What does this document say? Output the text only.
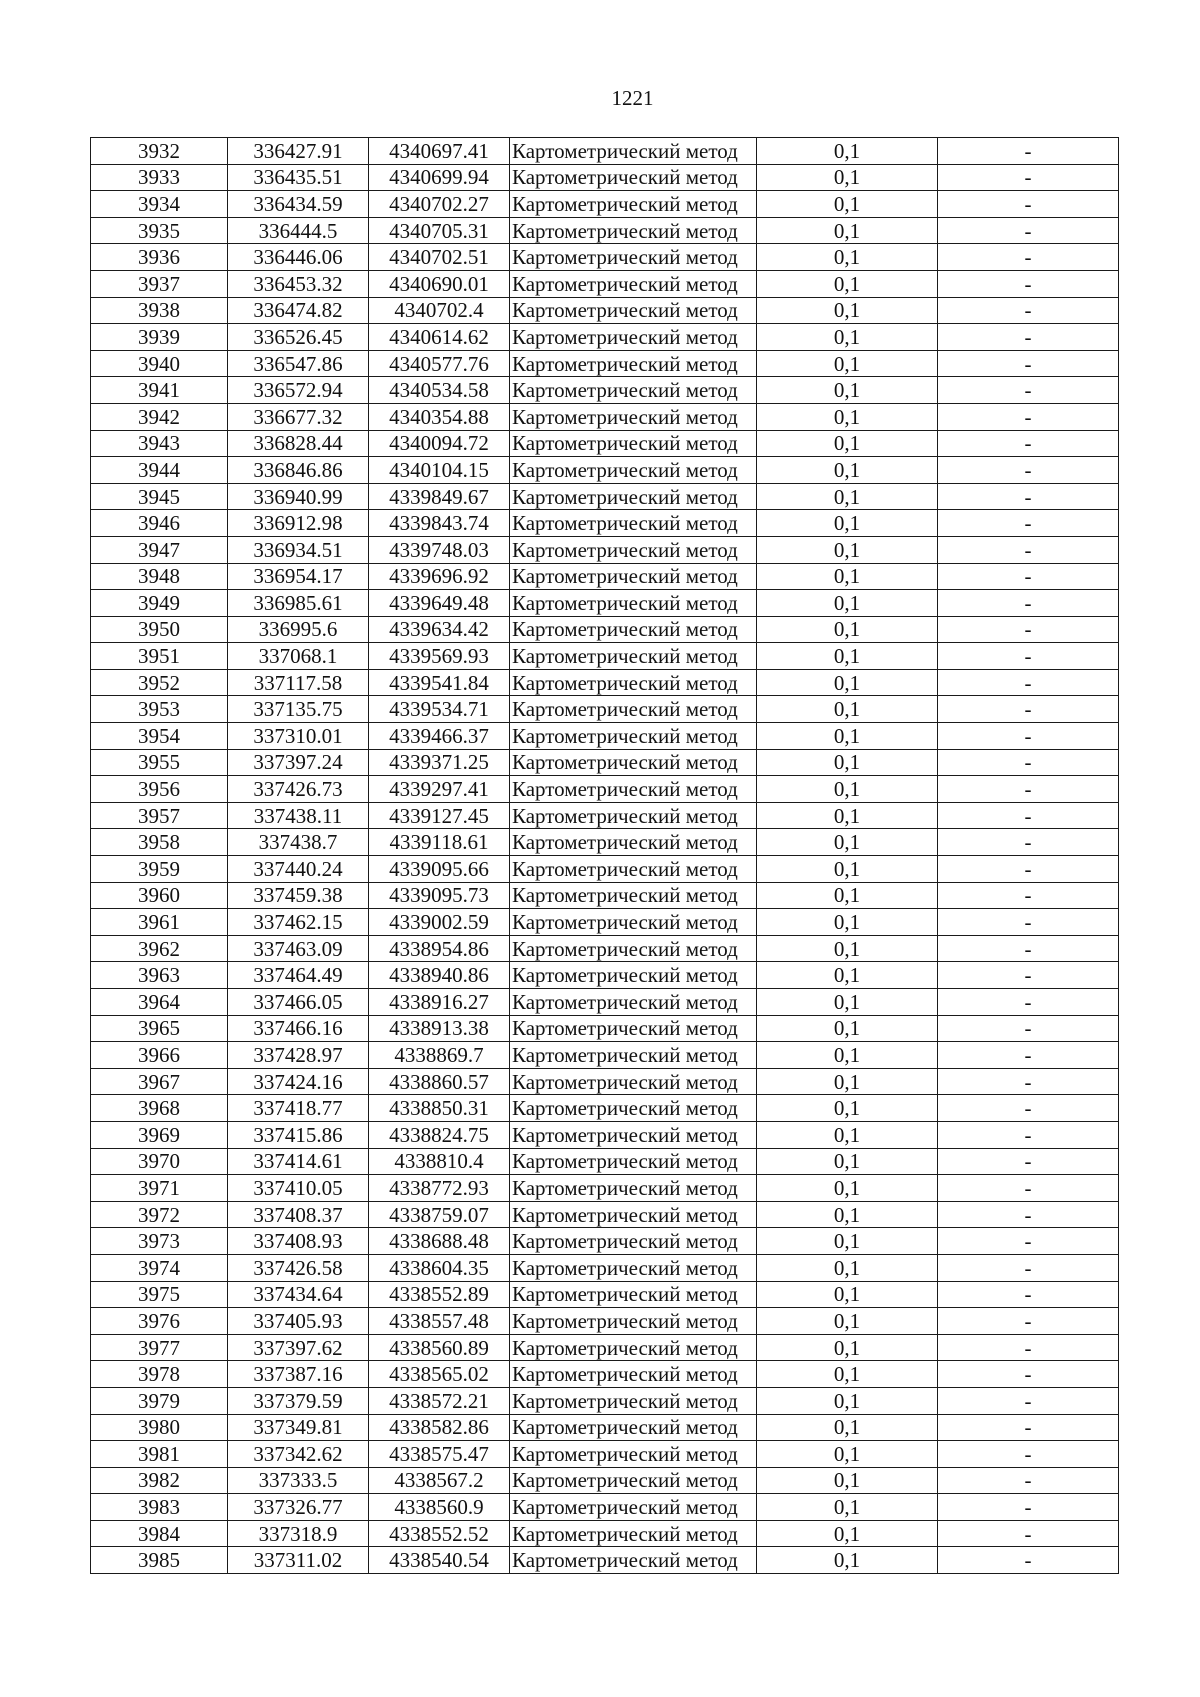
1221
3932	336427.91	4340697.41	Картометрический метод	0,1	-
3933	336435.51	4340699.94	Картометрический метод	0,1	-
3934	336434.59	4340702.27	Картометрический метод	0,1	-
3935	336444.5	4340705.31	Картометрический метод	0,1	-
3936	336446.06	4340702.51	Картометрический метод	0,1	-
3937	336453.32	4340690.01	Картометрический метод	0,1	-
3938	336474.82	4340702.4	Картометрический метод	0,1	-
3939	336526.45	4340614.62	Картометрический метод	0,1	-
3940	336547.86	4340577.76	Картометрический метод	0,1	-
3941	336572.94	4340534.58	Картометрический метод	0,1	-
3942	336677.32	4340354.88	Картометрический метод	0,1	-
3943	336828.44	4340094.72	Картометрический метод	0,1	-
3944	336846.86	4340104.15	Картометрический метод	0,1	-
3945	336940.99	4339849.67	Картометрический метод	0,1	-
3946	336912.98	4339843.74	Картометрический метод	0,1	-
3947	336934.51	4339748.03	Картометрический метод	0,1	-
3948	336954.17	4339696.92	Картометрический метод	0,1	-
3949	336985.61	4339649.48	Картометрический метод	0,1	-
3950	336995.6	4339634.42	Картометрический метод	0,1	-
3951	337068.1	4339569.93	Картометрический метод	0,1	-
3952	337117.58	4339541.84	Картометрический метод	0,1	-
3953	337135.75	4339534.71	Картометрический метод	0,1	-
3954	337310.01	4339466.37	Картометрический метод	0,1	-
3955	337397.24	4339371.25	Картометрический метод	0,1	-
3956	337426.73	4339297.41	Картометрический метод	0,1	-
3957	337438.11	4339127.45	Картометрический метод	0,1	-
3958	337438.7	4339118.61	Картометрический метод	0,1	-
3959	337440.24	4339095.66	Картометрический метод	0,1	-
3960	337459.38	4339095.73	Картометрический метод	0,1	-
3961	337462.15	4339002.59	Картометрический метод	0,1	-
3962	337463.09	4338954.86	Картометрический метод	0,1	-
3963	337464.49	4338940.86	Картометрический метод	0,1	-
3964	337466.05	4338916.27	Картометрический метод	0,1	-
3965	337466.16	4338913.38	Картометрический метод	0,1	-
3966	337428.97	4338869.7	Картометрический метод	0,1	-
3967	337424.16	4338860.57	Картометрический метод	0,1	-
3968	337418.77	4338850.31	Картометрический метод	0,1	-
3969	337415.86	4338824.75	Картометрический метод	0,1	-
3970	337414.61	4338810.4	Картометрический метод	0,1	-
3971	337410.05	4338772.93	Картометрический метод	0,1	-
3972	337408.37	4338759.07	Картометрический метод	0,1	-
3973	337408.93	4338688.48	Картометрический метод	0,1	-
3974	337426.58	4338604.35	Картометрический метод	0,1	-
3975	337434.64	4338552.89	Картометрический метод	0,1	-
3976	337405.93	4338557.48	Картометрический метод	0,1	-
3977	337397.62	4338560.89	Картометрический метод	0,1	-
3978	337387.16	4338565.02	Картометрический метод	0,1	-
3979	337379.59	4338572.21	Картометрический метод	0,1	-
3980	337349.81	4338582.86	Картометрический метод	0,1	-
3981	337342.62	4338575.47	Картометрический метод	0,1	-
3982	337333.5	4338567.2	Картометрический метод	0,1	-
3983	337326.77	4338560.9	Картометрический метод	0,1	-
3984	337318.9	4338552.52	Картометрический метод	0,1	-
3985	337311.02	4338540.54	Картометрический метод	0,1	-
